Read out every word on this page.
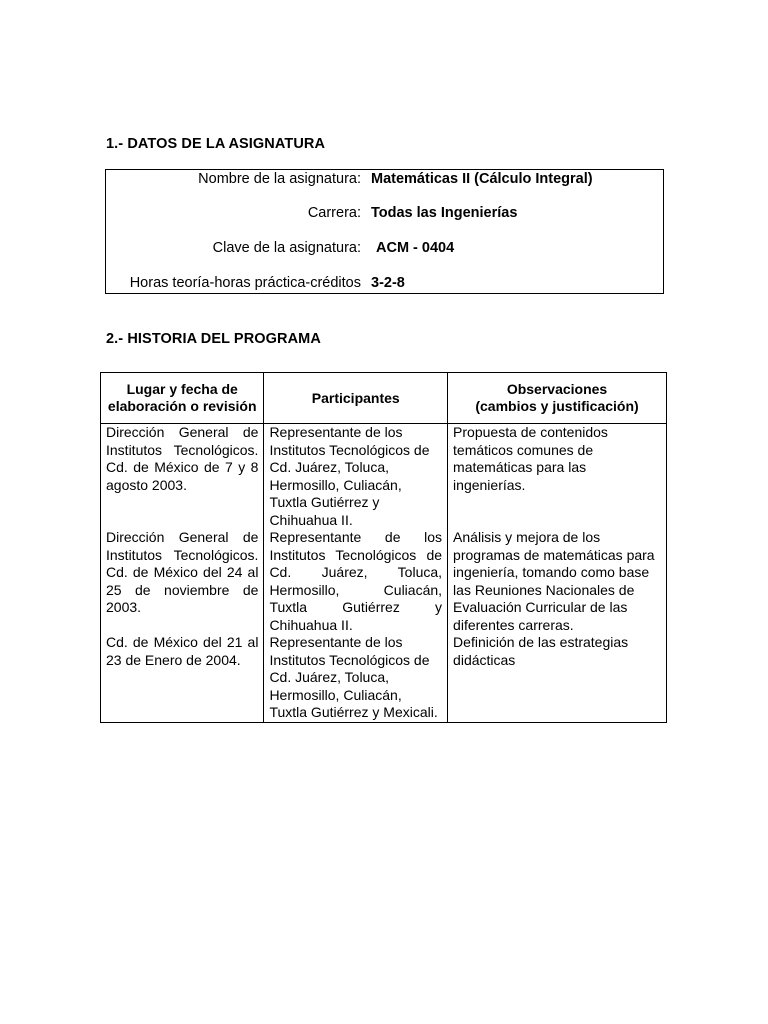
1.- DATOS DE LA ASIGNATURA
Nombre de la asignatura: Matemáticas II (Cálculo Integral)
Carrera: Todas las Ingenierías
Clave de la asignatura: ACM - 0404
Horas teoría-horas práctica-créditos 3-2-8
2.- HISTORIA DEL PROGRAMA
Lugar y fecha de elaboración o revisión	Participantes	Observaciones
(cambios y justificación)

Dirección General de Institutos Tecnológicos. Cd. de México de 7 y 8 agosto 2003.	Representante de los Institutos Tecnológicos de Cd. Juárez, Toluca, Hermosillo, Culiacán, Tuxtla Gutiérrez y Chihuahua II.	Propuesta de contenidos temáticos comunes de matemáticas para las ingenierías.
Dirección General de Institutos Tecnológicos. Cd. de México del 24 al 25 de noviembre de 2003.	Representante de los Institutos Tecnológicos de Cd. Juárez, Toluca, Hermosillo, Culiacán, Tuxtla Gutiérrez y Chihuahua II.	Análisis y mejora de los programas de matemáticas para ingeniería, tomando como base las Reuniones Nacionales de Evaluación Curricular de las diferentes carreras.
Cd. de México del 21 al 23 de Enero de 2004.	Representante de los Institutos Tecnológicos de Cd. Juárez, Toluca, Hermosillo, Culiacán, Tuxtla Gutiérrez y Mexicali.	Definición de las estrategias didácticas
